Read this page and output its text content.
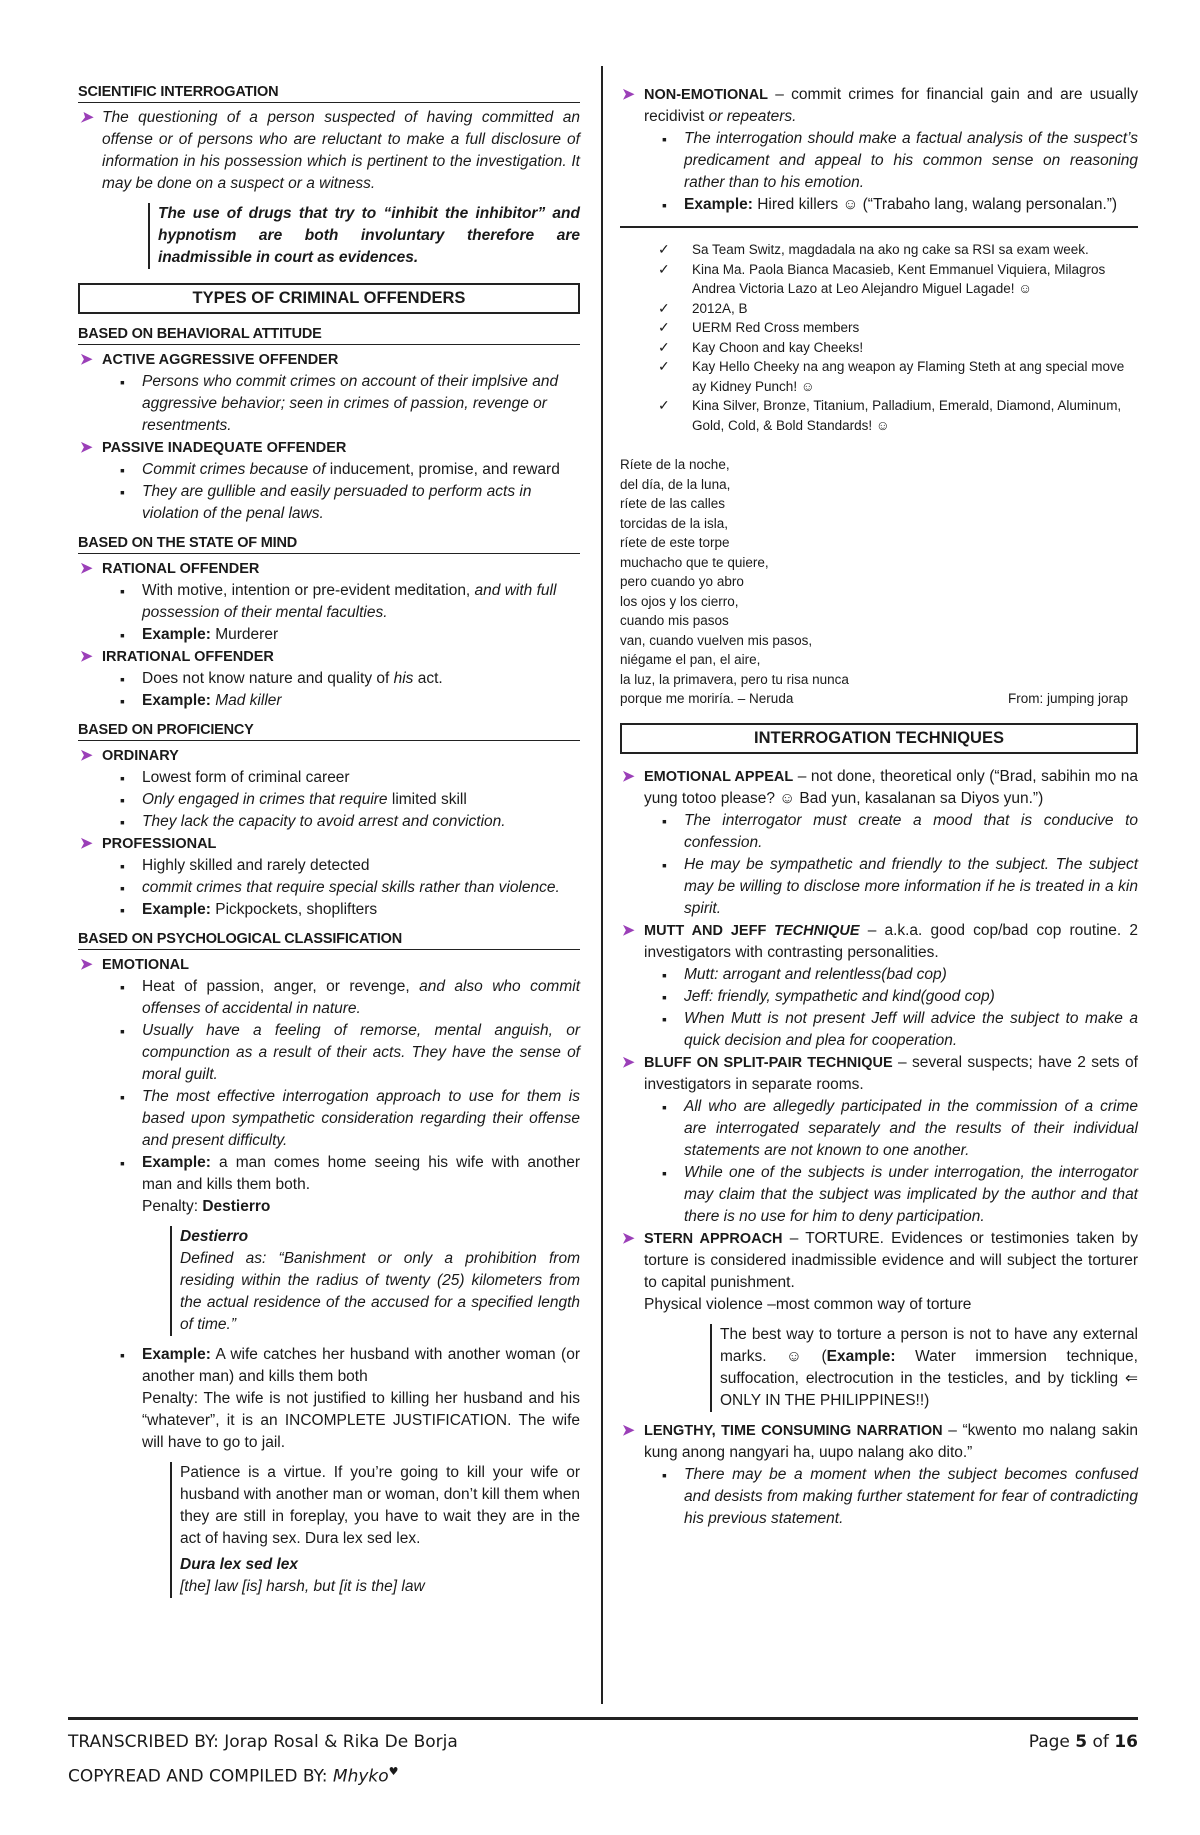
SCIENTIFIC INTERROGATION
➤ The questioning of a person suspected of having committed an offense or of persons who are reluctant to make a full disclosure of information in his possession which is pertinent to the investigation. It may be done on a suspect or a witness.
The use of drugs that try to “inhibit the inhibitor” and hypnotism are both involuntary therefore are inadmissible in court as evidences.
TYPES OF CRIMINAL OFFENDERS
BASED ON BEHAVIORAL ATTITUDE
➤ ACTIVE AGGRESSIVE OFFENDER
▪ Persons who commit crimes on account of their implsive and aggressive behavior; seen in crimes of passion, revenge or resentments.
➤ PASSIVE INADEQUATE OFFENDER
▪ Commit crimes because of inducement, promise, and reward
▪ They are gullible and easily persuaded to perform acts in violation of the penal laws.
BASED ON THE STATE OF MIND
➤ RATIONAL OFFENDER
▪ With motive, intention or pre-evident meditation, and with full possession of their mental faculties.
▪ Example: Murderer
➤ IRRATIONAL OFFENDER
▪ Does not know nature and quality of his act.
▪ Example: Mad killer
BASED ON PROFICIENCY
➤ ORDINARY
▪ Lowest form of criminal career
▪ Only engaged in crimes that require limited skill
▪ They lack the capacity to avoid arrest and conviction.
➤ PROFESSIONAL
▪ Highly skilled and rarely detected
▪ commit crimes that require special skills rather than violence.
▪ Example: Pickpockets, shoplifters
BASED ON PSYCHOLOGICAL CLASSIFICATION
➤ EMOTIONAL
▪ Heat of passion, anger, or revenge, and also who commit offenses of accidental in nature.
▪ Usually have a feeling of remorse, mental anguish, or compunction as a result of their acts. They have the sense of moral guilt.
▪ The most effective interrogation approach to use for them is based upon sympathetic consideration regarding their offense and present difficulty.
▪ Example: a man comes home seeing his wife with another man and kills them both.
Penalty: Destierro
Destierro
Defined as: “Banishment or only a prohibition from residing within the radius of twenty (25) kilometers from the actual residence of the accused for a specified length of time.”
▪ Example: A wife catches her husband with another woman (or another man) and kills them both
Penalty: The wife is not justified to killing her husband and his “whatever”, it is an INCOMPLETE JUSTIFICATION. The wife will have to go to jail.
Patience is a virtue. If you’re going to kill your wife or husband with another man or woman, don’t kill them when they are still in foreplay, you have to wait they are in the act of having sex. Dura lex sed lex.
Dura lex sed lex
[the] law [is] harsh, but [it is the] law
➤ NON-EMOTIONAL – commit crimes for financial gain and are usually recidivist or repeaters.
▪ The interrogation should make a factual analysis of the suspect’s predicament and appeal to his common sense on reasoning rather than to his emotion.
▪ Example: Hired killers ☺ (“Trabaho lang, walang personalan.”)
✓ Sa Team Switz, magdadala na ako ng cake sa RSI sa exam week.
✓ Kina Ma. Paola Bianca Macasieb, Kent Emmanuel Viquiera, Milagros Andrea Victoria Lazo at Leo Alejandro Miguel Lagade! ☺
✓ 2012A, B
✓ UERM Red Cross members
✓ Kay Choon and kay Cheeks!
✓ Kay Hello Cheeky na ang weapon ay Flaming Steth at ang special move ay Kidney Punch! ☺
✓ Kina Silver, Bronze, Titanium, Palladium, Emerald, Diamond, Aluminum, Gold, Cold, & Bold Standards! ☺
Ríete de la noche,
del día, de la luna,
ríete de las calles
torcidas de la isla,
ríete de este torpe
muchacho que te quiere,
pero cuando yo abro
los ojos y los cierro,
cuando mis pasos
van, cuando vuelven mis pasos,
niégame el pan, el aire,
la luz, la primavera, pero tu risa nunca
porque me moriría. – Neruda	From: jumping jorap
INTERROGATION TECHNIQUES
➤ EMOTIONAL APPEAL – not done, theoretical only (“Brad, sabihin mo na yung totoo please? ☺ Bad yun, kasalanan sa Diyos yun.”)
▪ The interrogator must create a mood that is conducive to confession.
▪ He may be sympathetic and friendly to the subject. The subject may be willing to disclose more information if he is treated in a kin spirit.
➤ MUTT AND JEFF TECHNIQUE – a.k.a. good cop/bad cop routine. 2 investigators with contrasting personalities.
▪ Mutt: arrogant and relentless(bad cop)
▪ Jeff: friendly, sympathetic and kind(good cop)
▪ When Mutt is not present Jeff will advice the subject to make a quick decision and plea for cooperation.
➤ BLUFF ON SPLIT-PAIR TECHNIQUE – several suspects; have 2 sets of investigators in separate rooms.
▪ All who are allegedly participated in the commission of a crime are interrogated separately and the results of their individual statements are not known to one another.
▪ While one of the subjects is under interrogation, the interrogator may claim that the subject was implicated by the author and that there is no use for him to deny participation.
➤ STERN APPROACH – TORTURE. Evidences or testimonies taken by torture is considered inadmissible evidence and will subject the torturer to capital punishment.
Physical violence –most common way of torture
The best way to torture a person is not to have any external marks. ☺ (Example: Water immersion technique, suffocation, electrocution in the testicles, and by tickling ⇐ ONLY IN THE PHILIPPINES!!)
➤ LENGTHY, TIME CONSUMING NARRATION – “kwento mo nalang sakin kung anong nangyari ha, uupo nalang ako dito.”
▪ There may be a moment when the subject becomes confused and desists from making further statement for fear of contradicting his previous statement.
TRANSCRIBED BY: Jorap Rosal & Rika De Borja	Page 5 of 16
COPYREAD AND COMPILED BY: Mhyko♥
